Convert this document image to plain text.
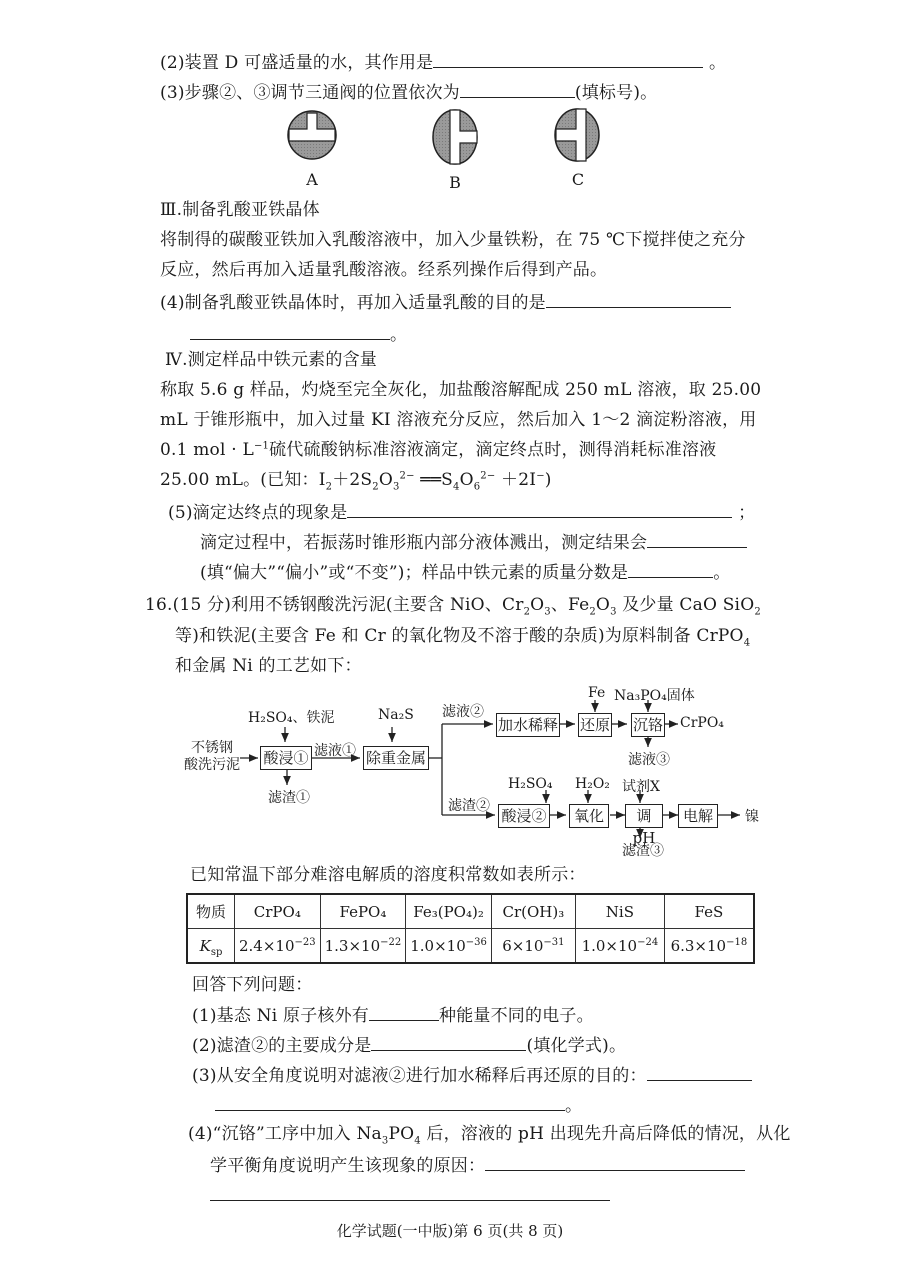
(2)装置 D 可盛适量的水，其作用是	。
(3)步骤②、③调节三通阀的位置依次为	(填标号)。
A	B	C
Ⅲ.制备乳酸亚铁晶体
将制得的碳酸亚铁加入乳酸溶液中，加入少量铁粉，在 75 ℃下搅拌使之充分
反应，然后再加入适量乳酸溶液。经系列操作后得到产品。
(4)制备乳酸亚铁晶体时，再加入适量乳酸的目的是
。
Ⅳ.测定样品中铁元素的含量
称取 5.6 g 样品，灼烧至完全灰化，加盐酸溶解配成 250 mL 溶液，取 25.00
mL 于锥形瓶中，加入过量 KI 溶液充分反应，然后加入 1～2 滴淀粉溶液，用
0.1 mol · $L^{-1}$硫代硫酸钠标准溶液滴定，滴定终点时，测得消耗标准溶液
25.00 mL。(已知：$I_2+2S_2O_3^{2-}$ $══S_4O_6^{2-} +2I^-$)
(5)滴定达终点的现象是	；
滴定过程中，若振荡时锥形瓶内部分液体溅出，测定结果会
(填“偏大”“偏小”或“不变”)；样品中铁元素的质量分数是	。
16.(15 分)利用不锈钢酸洗污泥(主要含 NiO、$Cr_2O_3$、$Fe_2O_3$ 及少量 CaO SiO$_2$
等)和铁泥(主要含 Fe 和 Cr 的氧化物及不溶于酸的杂质)为原料制备 CrPO$_4$
和金属 Ni 的工艺如下：
不锈钢
酸洗污泥
H₂SO₄、铁泥
酸浸①
滤渣①
滤液①
Na₂S
除重金属
滤液②
滤渣②
加水稀释
Fe
还原
Na₃PO₄固体
沉铬 CrPO₄
滤液③
H₂SO₄
酸浸②
H₂O₂
氧化
试剂X
调pH
滤渣③
电解	镍
已知常温下部分难溶电解质的溶度积常数如表所示：
物质	CrPO₄	FePO₄	Fe₃(PO₄)₂	Cr(OH)₃	NiS	FeS
$K_{sp}$	$2.4\times 10^{-23}$	$1.3\times 10^{-22}$	$1.0\times 10^{-36}$	$6\times 10^{-31}$	$1.0\times 10^{-24}$	$6.3\times 10^{-18}$
回答下列问题：
(1)基态 Ni 原子核外有	种能量不同的电子。
(2)滤渣②的主要成分是	(填化学式)。
(3)从安全角度说明对滤液②进行加水稀释后再还原的目的：
。
(4)“沉铬”工序中加入 $Na_3PO_4$ 后，溶液的 pH 出现先升高后降低的情况，从化
学平衡角度说明产生该现象的原因：
化学试题(一中版)第 6 页(共 8 页)
